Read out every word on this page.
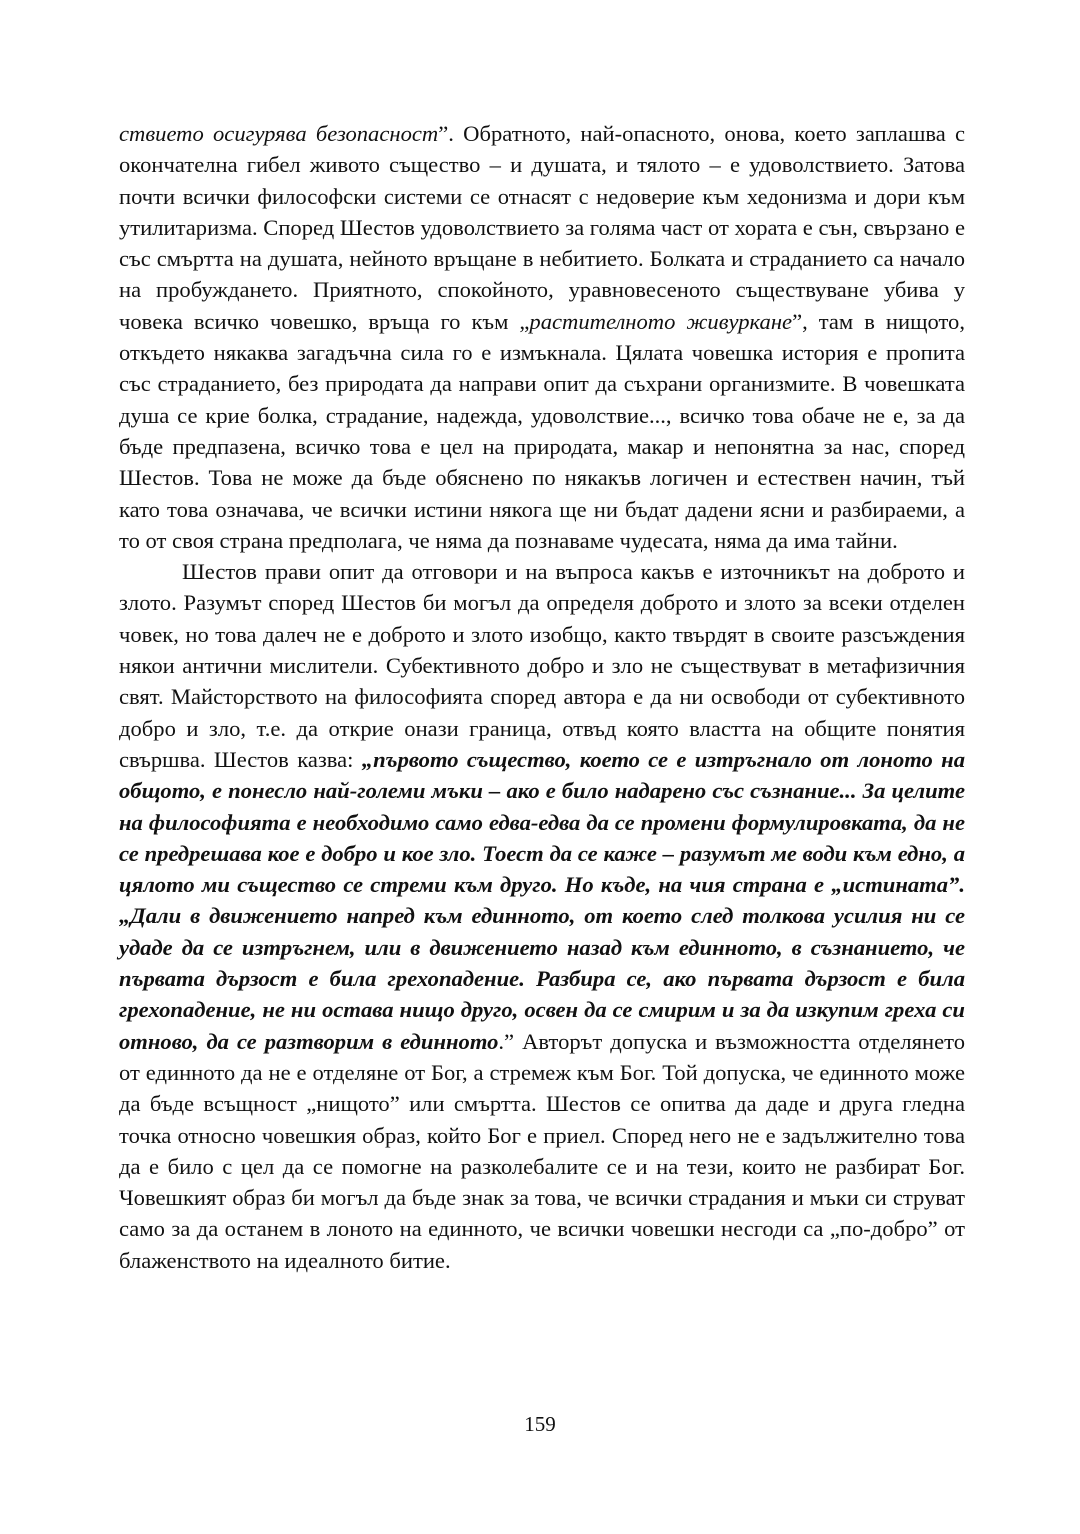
ствието осигурява безопасност”. Обратното, най-опасното, онова, което заплашва с окончателна гибел живото същество – и душата, и тялото – е удоволствието. Затова почти всички философски системи се отнасят с недоверие към хедонизма и дори към утилитаризма. Според Шестов удоволствието за голяма част от хората е сън, свързано е със смъртта на душата, нейното връщане в небитието. Болката и страданието са начало на пробуждането. Приятното, спокойното, уравновесеното съществуване убива у човека всичко човешко, връща го към „растителното живуркане”, там в нищото, откъдето някаква загадъчна сила го е измъкнала. Цялата човешка история е пропита със страданието, без природата да направи опит да съхрани организмите. В човешката душа се крие болка, страдание, надежда, удоволствие..., всичко това обаче не е, за да бъде предпазена, всичко това е цел на природата, макар и непонятна за нас, според Шестов. Това не може да бъде обяснено по някакъв логичен и естествен начин, тъй като това означава, че всички истини някога ще ни бъдат дадени ясни и разбираеми, а то от своя страна предполага, че няма да познаваме чудесата, няма да има тайни.

Шестов прави опит да отговори и на въпроса какъв е източникът на доброто и злото. Разумът според Шестов би могъл да определя доброто и злото за всеки отделен човек, но това далеч не е доброто и злото изобщо, както твърдят в своите разсъждения някои антични мислители. Субективното добро и зло не съществуват в метафизичния свят. Майсторството на философията според автора е да ни освободи от субективното добро и зло, т.е. да открие онази граница, отвъд която властта на общите понятия свършва. Шестов казва: „първото същество, което се е изтръгнало от лоното на общото, е понесло най-големи мъки – ако е било надарено със съзнание... За целите на философията е необходимо само едва-едва да се промени формулировката, да не се предрешава кое е добро и кое зло. Тоест да се каже – разумът ме води към едно, а цялото ми същество се стреми към друго. Но къде, на чия страна е „истината”. „Дали в движението напред към единното, от което след толкова усилия ни се удаде да се изтръгнем, или в движението назад към единното, в съзнанието, че първата дързост е била грехопадение. Разбира се, ако първата дързост е била грехопадение, не ни остава нищо друго, освен да се смирим и за да изкупим греха си отново, да се разтворим в единното.” Авторът допуска и възможността отделянето от единното да не е отделяне от Бог, а стремеж към Бог. Той допуска, че единното може да бъде всъщност „нищото” или смъртта. Шестов се опитва да даде и друга гледна точка относно човешкия образ, който Бог е приел. Според него не е задължително това да е било с цел да се помогне на разколебалите се и на тези, които не разбират Бог. Човешкият образ би могъл да бъде знак за това, че всички страдания и мъки си струват само за да останем в лоното на единното, че всички човешки несгоди са „по-добро” от блаженството на идеалното битие.

159
